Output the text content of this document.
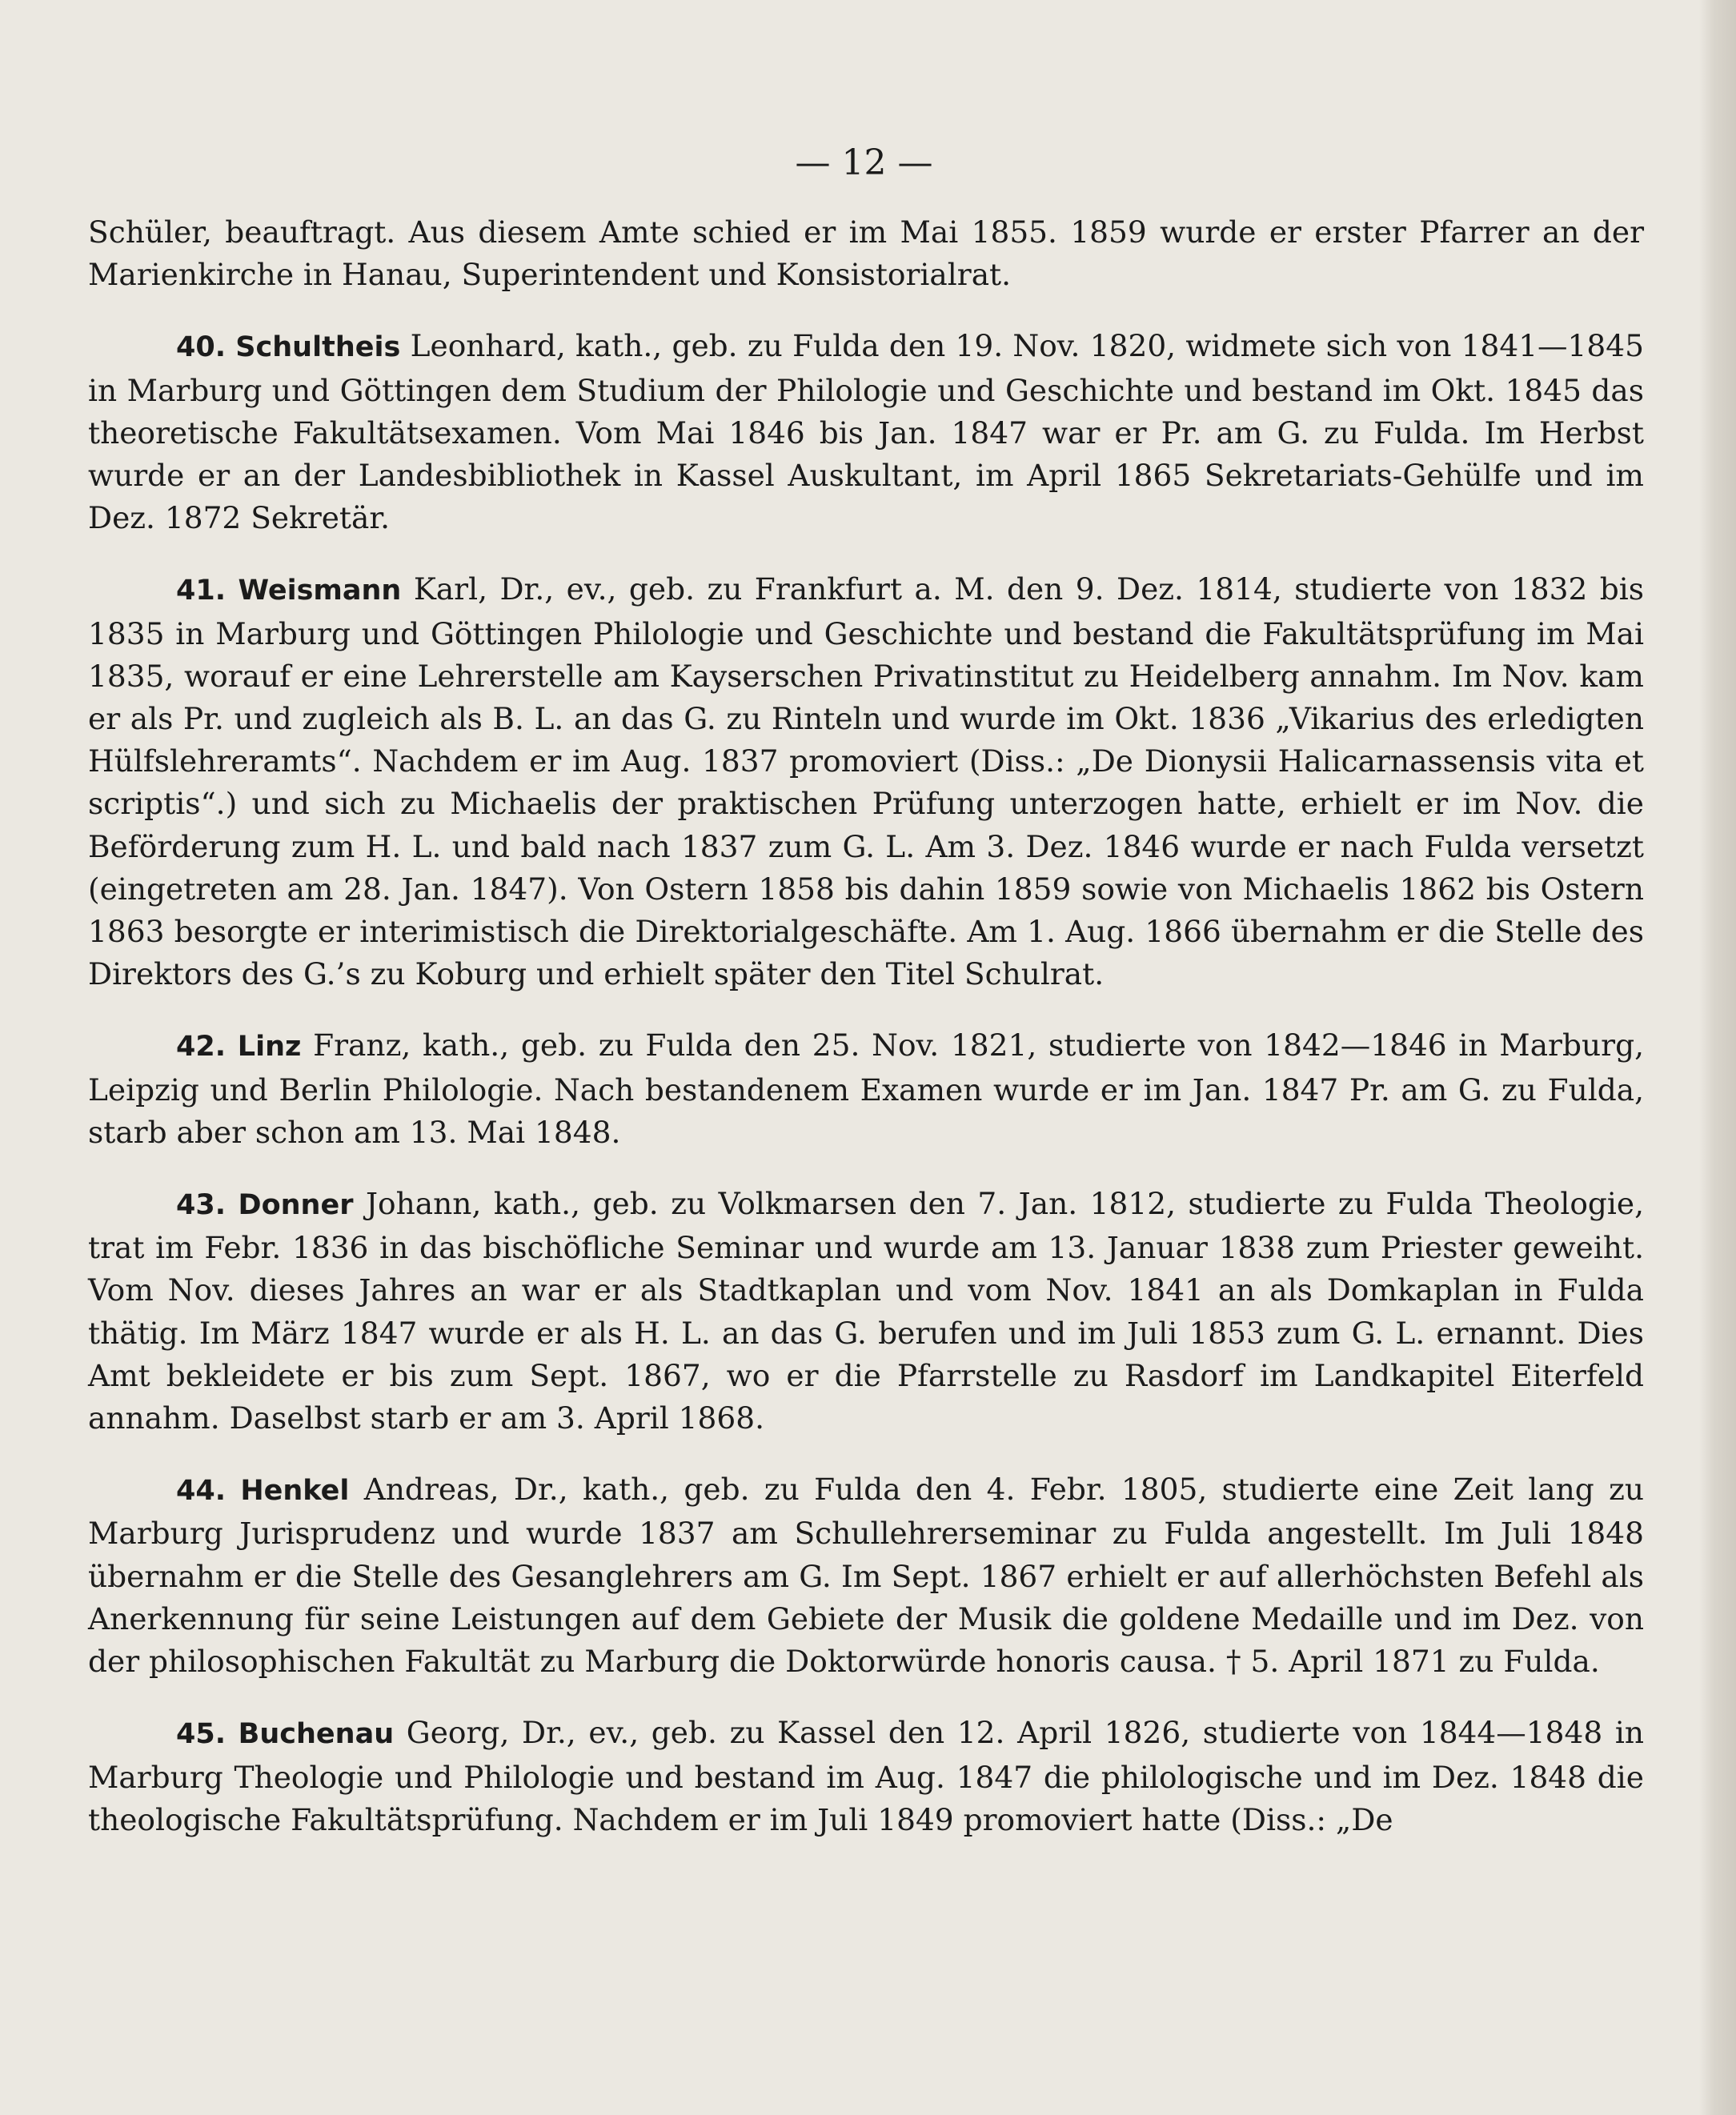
— 12 —

Schüler, beauftragt. Aus diesem Amte schied er im Mai 1855. 1859 wurde er erster Pfarrer an der Marienkirche in Hanau, Superintendent und Konsistorialrat.

40. Schultheis Leonhard, kath., geb. zu Fulda den 19. Nov. 1820, widmete sich von 1841—1845 in Marburg und Göttingen dem Studium der Philologie und Geschichte und bestand im Okt. 1845 das theoretische Fakultätsexamen. Vom Mai 1846 bis Jan. 1847 war er Pr. am G. zu Fulda. Im Herbst wurde er an der Landesbibliothek in Kassel Auskultant, im April 1865 Sekretariats-Gehülfe und im Dez. 1872 Sekretär.

41. Weismann Karl, Dr., ev., geb. zu Frankfurt a. M. den 9. Dez. 1814, studierte von 1832 bis 1835 in Marburg und Göttingen Philologie und Geschichte und bestand die Fakultätsprüfung im Mai 1835, worauf er eine Lehrerstelle am Kayserschen Privatinstitut zu Heidelberg annahm. Im Nov. kam er als Pr. und zugleich als B. L. an das G. zu Rinteln und wurde im Okt. 1836 „Vikarius des erledigten Hülfslehreramts“. Nachdem er im Aug. 1837 promoviert (Diss.: „De Dionysii Halicarnassensis vita et scriptis“.) und sich zu Michaelis der praktischen Prüfung unterzogen hatte, erhielt er im Nov. die Beförderung zum H. L. und bald nach 1837 zum G. L. Am 3. Dez. 1846 wurde er nach Fulda versetzt (eingetreten am 28. Jan. 1847). Von Ostern 1858 bis dahin 1859 sowie von Michaelis 1862 bis Ostern 1863 besorgte er interimistisch die Direktorialgeschäfte. Am 1. Aug. 1866 übernahm er die Stelle des Direktors des G.’s zu Koburg und erhielt später den Titel Schulrat.

42. Linz Franz, kath., geb. zu Fulda den 25. Nov. 1821, studierte von 1842—1846 in Marburg, Leipzig und Berlin Philologie. Nach bestandenem Examen wurde er im Jan. 1847 Pr. am G. zu Fulda, starb aber schon am 13. Mai 1848.

43. Donner Johann, kath., geb. zu Volkmarsen den 7. Jan. 1812, studierte zu Fulda Theologie, trat im Febr. 1836 in das bischöfliche Seminar und wurde am 13. Januar 1838 zum Priester geweiht. Vom Nov. dieses Jahres an war er als Stadtkaplan und vom Nov. 1841 an als Domkaplan in Fulda thätig. Im März 1847 wurde er als H. L. an das G. berufen und im Juli 1853 zum G. L. ernannt. Dies Amt bekleidete er bis zum Sept. 1867, wo er die Pfarrstelle zu Rasdorf im Landkapitel Eiterfeld annahm. Daselbst starb er am 3. April 1868.

44. Henkel Andreas, Dr., kath., geb. zu Fulda den 4. Febr. 1805, studierte eine Zeit lang zu Marburg Jurisprudenz und wurde 1837 am Schullehrerseminar zu Fulda angestellt. Im Juli 1848 übernahm er die Stelle des Gesanglehrers am G. Im Sept. 1867 erhielt er auf allerhöchsten Befehl als Anerkennung für seine Leistungen auf dem Gebiete der Musik die goldene Medaille und im Dez. von der philosophischen Fakultät zu Marburg die Doktorwürde honoris causa. † 5. April 1871 zu Fulda.

45. Buchenau Georg, Dr., ev., geb. zu Kassel den 12. April 1826, studierte von 1844—1848 in Marburg Theologie und Philologie und bestand im Aug. 1847 die philologische und im Dez. 1848 die theologische Fakultätsprüfung. Nachdem er im Juli 1849 promoviert hatte (Diss.: „De
